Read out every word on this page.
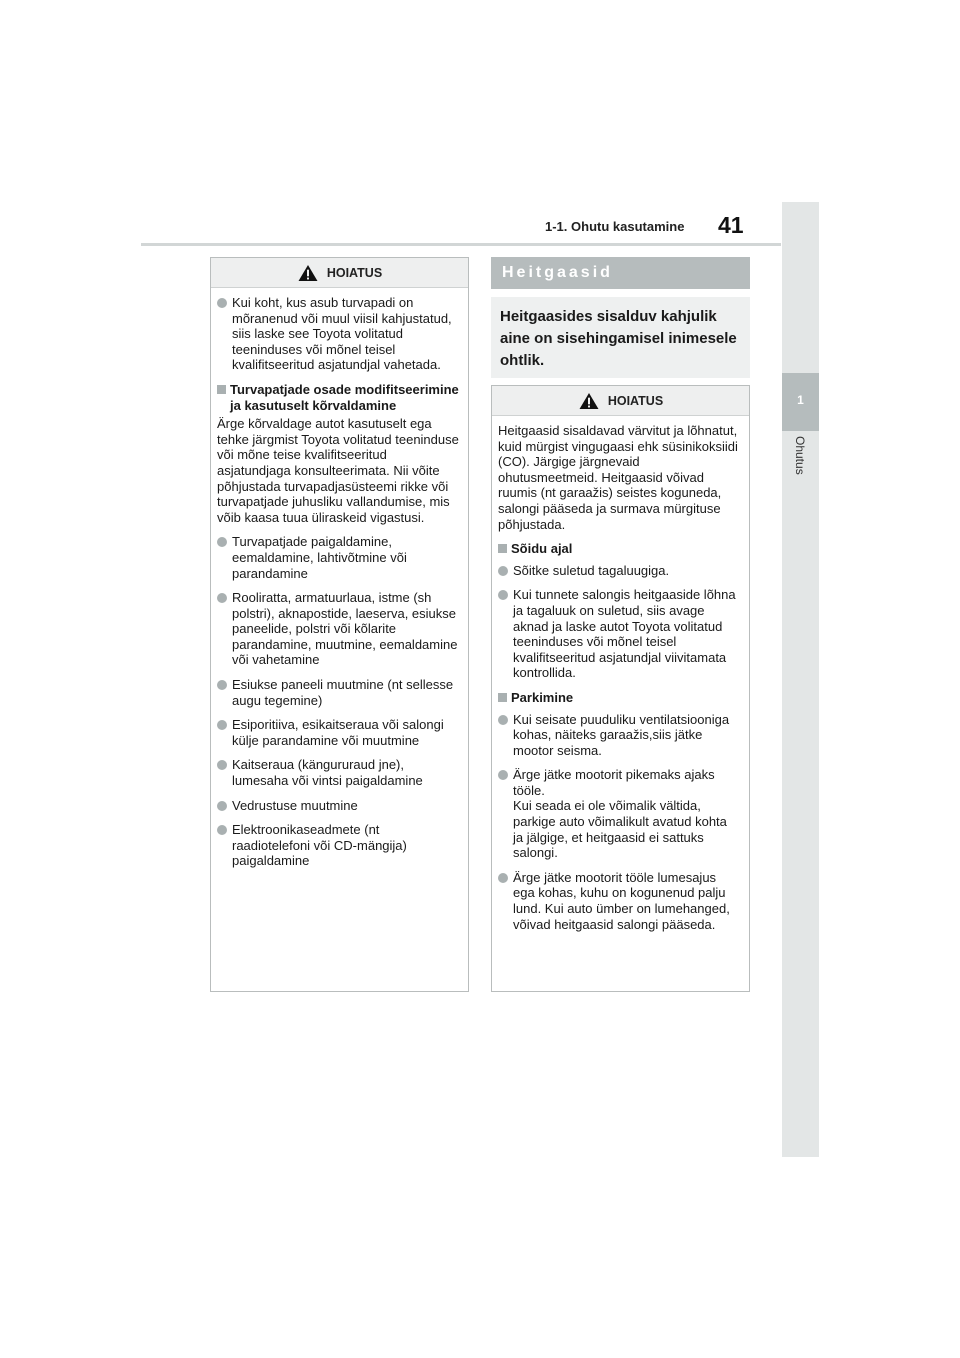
1-1. Ohutu kasutamine 41
1
Ohutus
HOIATUS
Kui koht, kus asub turvapadi on mõranenud või muul viisil kahjustatud, siis laske see Toyota volitatud teeninduses või mõnel teisel kvalifitseeritud asjatundjal vahetada.
Turvapatjade osade modifitseerimine ja kasutuselt kõrvaldamine
Ärge kõrvaldage autot kasutuselt ega tehke järgmist Toyota volitatud teeninduse või mõne teise kvalifitseeritud asjatundjaga konsulteerimata. Nii võite põhjustada turvapadjasüsteemi rikke või turvapatjade juhusliku vallandumise, mis võib kaasa tuua üliraskeid vigastusi.
Turvapatjade paigaldamine, eemaldamine, lahtivõtmine või parandamine
Rooliratta, armatuurlaua, istme (sh polstri), aknapostide, laeserva, esiukse paneelide, polstri või kõlarite parandamine, muutmine, eemaldamine või vahetamine
Esiukse paneeli muutmine (nt sellesse augu tegemine)
Esiporitiiva, esikaitseraua või salongi külje parandamine või muutmine
Kaitseraua (kängururaud jne), lumesaha või vintsi paigaldamine
Vedrustuse muutmine
Elektroonikaseadmete (nt raadiotelefoni või CD-mängija) paigaldamine
Heitgaasid
Heitgaasides sisalduv kahjulik aine on sisehingamisel inimesele ohtlik.
HOIATUS
Heitgaasid sisaldavad värvitut ja lõhnatut, kuid mürgist vingugaasi ehk süsinikoksiidi (CO). Järgige järgnevaid ohutusmeetmeid. Heitgaasid võivad ruumis (nt garaažis) seistes koguneda, salongi pääseda ja surmava mürgituse põhjustada.
Sõidu ajal
Sõitke suletud tagaluugiga.
Kui tunnete salongis heitgaaside lõhna ja tagaluuk on suletud, siis avage aknad ja laske autot Toyota volitatud teeninduses või mõnel teisel kvalifitseeritud asjatundjal viivitamata kontrollida.
Parkimine
Kui seisate puuduliku ventilatsiooniga kohas, näiteks garaažis,siis jätke mootor seisma.
Ärge jätke mootorit pikemaks ajaks tööle.
Kui seada ei ole võimalik vältida, parkige auto võimalikult avatud kohta ja jälgige, et heitgaasid ei sattuks salongi.
Ärge jätke mootorit tööle lumesajus ega kohas, kuhu on kogunenud palju lund. Kui auto ümber on lumehanged, võivad heitgaasid salongi pääseda.
